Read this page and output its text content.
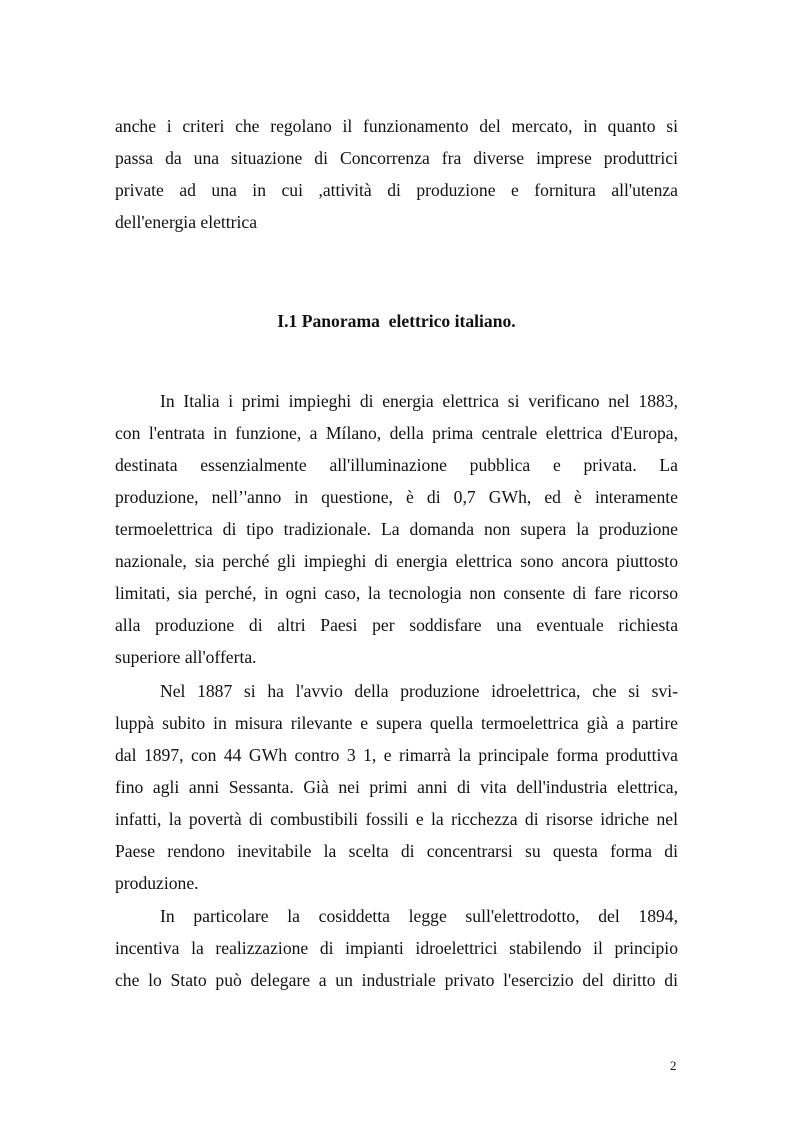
anche i criteri che regolano il funzionamento del mercato, in quanto si
passa da una situazione di Concorrenza fra diverse imprese produttrici
private ad una in cui ,attività di produzione e fornitura all'utenza
dell'energia elettrica
I.1 Panorama  elettrico italiano.
In Italia i primi impieghi di energia elettrica si verificano nel 1883,
con l'entrata in funzione, a Mílano, della prima centrale elettrica d'Europa,
destinata essenzialmente all'illuminazione pubblica e privata. La
produzione, nell’'anno in questione, è di 0,7 GWh, ed è interamente
termoelettrica di tipo tradizionale. La domanda non supera la produzione
nazionale, sia perché gli impieghi di energia elettrica sono ancora piuttosto
limitati, sia perché, in ogni caso, la tecnologia non consente di fare ricorso
alla produzione di altri Paesi per soddisfare una eventuale richiesta
superiore all'offerta.
Nel 1887 si ha l'avvio della produzione idroelettrica, che si svi-
luppà subito in misura rilevante e supera quella termoelettrica già a partire
dal 1897, con 44 GWh contro 3 1, e rimarrà la principale forma produttiva
fino agli anni Sessanta. Già nei primi anni di vita dell'industria elettrica,
infatti, la povertà di combustibili fossili e la ricchezza di risorse idriche nel
Paese rendono inevitabile la scelta di concentrarsi su questa forma di
produzione.
In particolare la cosiddetta legge sull'elettrodotto, del 1894,
incentiva la realizzazione di impianti idroelettrici stabilendo il principio
che lo Stato può delegare a un industriale privato l'esercizio del diritto di
2
